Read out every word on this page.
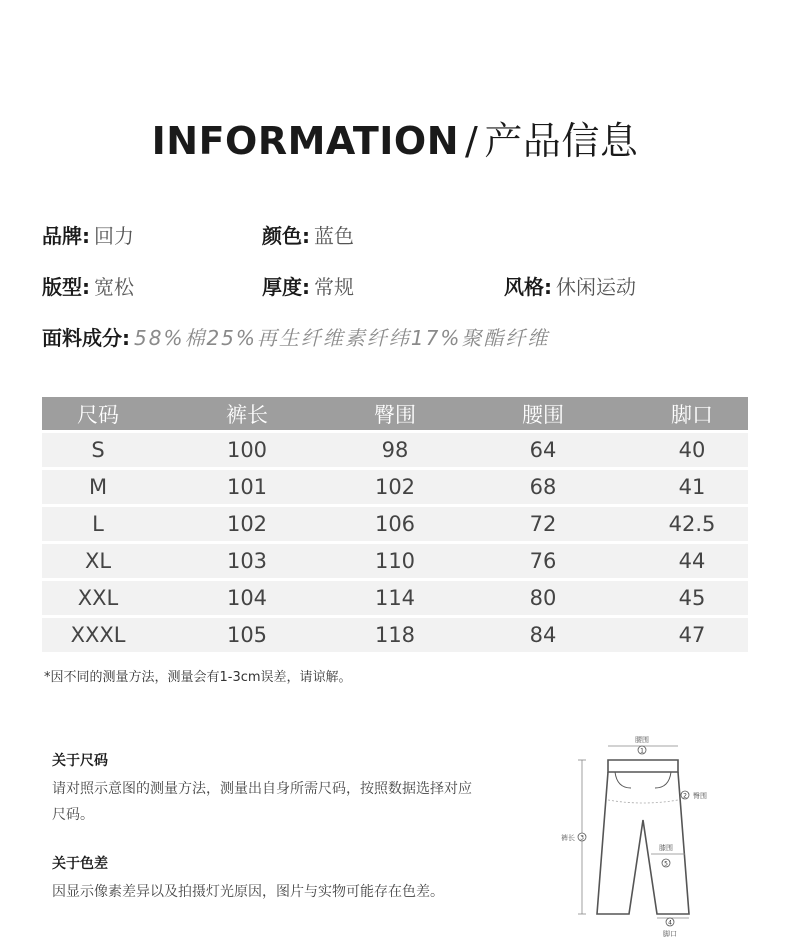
INFORMATION / 产品信息
品牌: 回力	颜色: 蓝色
版型: 宽松	厚度: 常规	风格: 休闲运动
面料成分: 58%棉25%再生纤维素纤纬17%聚酯纤维
尺码	裤长	臀围	腰围	脚口
S	100	98	64	40
M	101	102	68	41
L	102	106	72	42.5
XL	103	110	76	44
XXL	104	114	80	45
XXXL	105	118	84	47
*因不同的测量方法，测量会有1-3cm误差，请谅解。
关于尺码
请对照示意图的测量方法，测量出自身所需尺码，按照数据选择对应尺码。
关于色差
因显示像素差异以及拍摄灯光原因，图片与实物可能存在色差。
1
腰围
2 臀围
3
裤长
膝围
5
4
脚口
